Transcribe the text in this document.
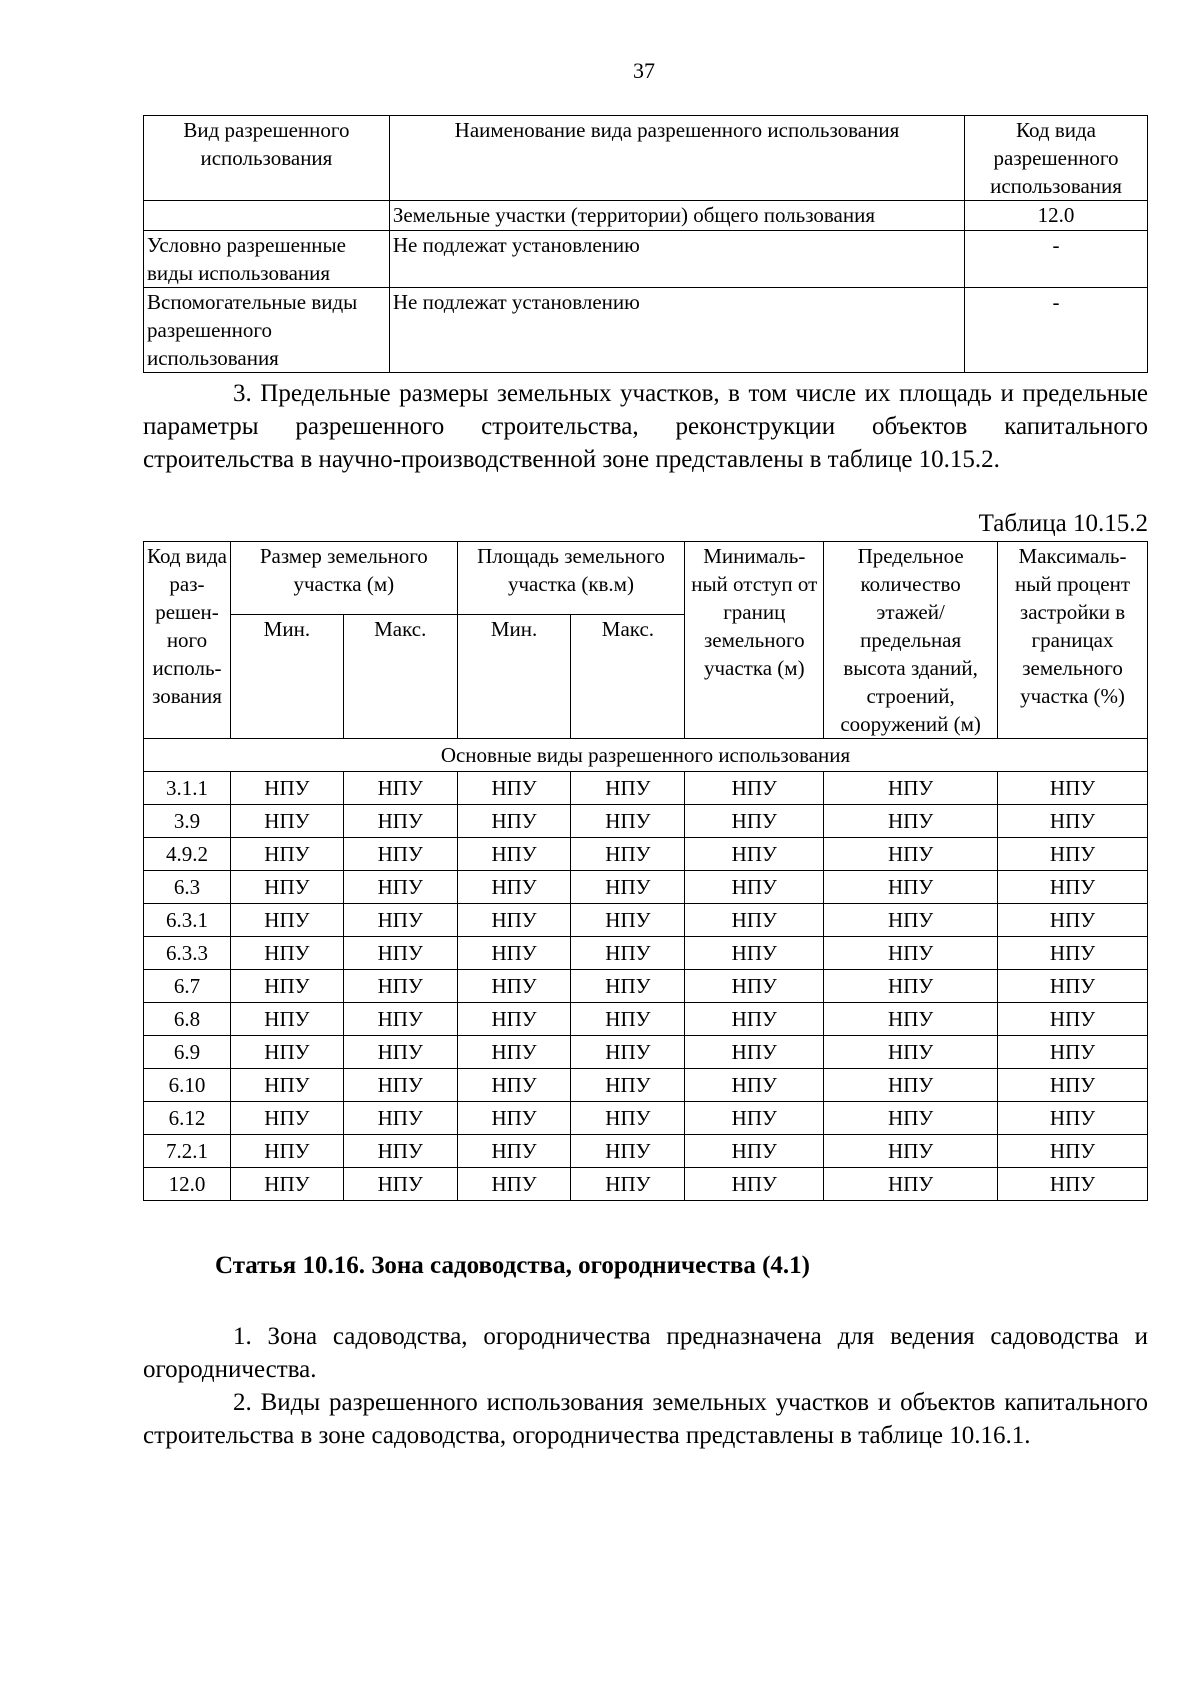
37
Вид разрешенного использования	Наименование вида разрешенного использования	Код вида разрешенного использования
	Земельные участки (территории) общего пользования	12.0
Условно разрешенные виды использования	Не подлежат установлению	-
Вспомогательные виды разрешенного использования	Не подлежат установлению	-
3. Предельные размеры земельных участков, в том числе их площадь и предельные параметры разрешенного строительства, реконструкции объектов капитального строительства в научно-производственной зоне представлены в таблице 10.15.2.
Таблица 10.15.2
Код вида раз-решен-ного исполь-зования	Размер земельного участка (м)		Площадь земельного участка (кв.м)		Минималь-ный отступ от границ земельного участка (м)	Предельное количество этажей/ предельная высота зданий, строений, сооружений (м)	Максималь-ный процент застройки в границах земельного участка (%)
	Мин.	Макс.	Мин.	Макс.			
Основные виды разрешенного использования							
3.1.1	НПУ	НПУ	НПУ	НПУ	НПУ	НПУ	НПУ
3.9	НПУ	НПУ	НПУ	НПУ	НПУ	НПУ	НПУ
4.9.2	НПУ	НПУ	НПУ	НПУ	НПУ	НПУ	НПУ
6.3	НПУ	НПУ	НПУ	НПУ	НПУ	НПУ	НПУ
6.3.1	НПУ	НПУ	НПУ	НПУ	НПУ	НПУ	НПУ
6.3.3	НПУ	НПУ	НПУ	НПУ	НПУ	НПУ	НПУ
6.7	НПУ	НПУ	НПУ	НПУ	НПУ	НПУ	НПУ
6.8	НПУ	НПУ	НПУ	НПУ	НПУ	НПУ	НПУ
6.9	НПУ	НПУ	НПУ	НПУ	НПУ	НПУ	НПУ
6.10	НПУ	НПУ	НПУ	НПУ	НПУ	НПУ	НПУ
6.12	НПУ	НПУ	НПУ	НПУ	НПУ	НПУ	НПУ
7.2.1	НПУ	НПУ	НПУ	НПУ	НПУ	НПУ	НПУ
12.0	НПУ	НПУ	НПУ	НПУ	НПУ	НПУ	НПУ
Статья 10.16. Зона садоводства, огородничества (4.1)
1. Зона садоводства, огородничества предназначена для ведения садоводства и огородничества.
2. Виды разрешенного использования земельных участков и объектов капитального строительства в зоне садоводства, огородничества представлены в таблице 10.16.1.
